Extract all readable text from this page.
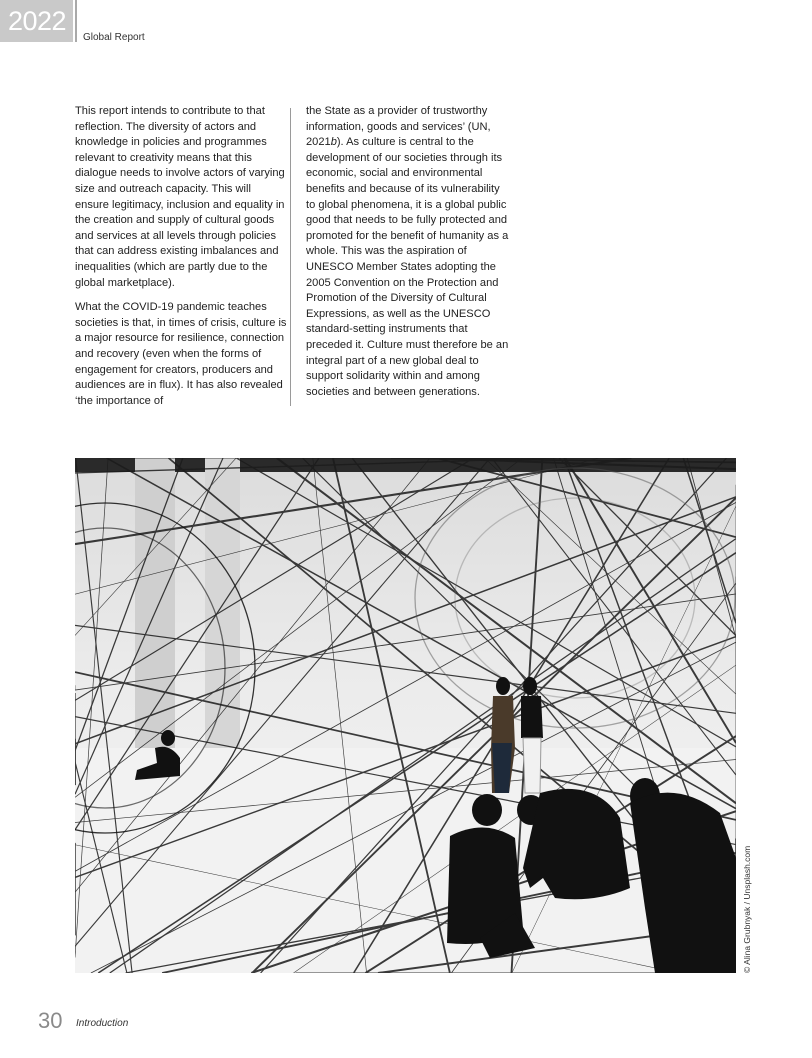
2022
Global Report

This report intends to contribute to that reflection. The diversity of actors and knowledge in policies and programmes relevant to creativity means that this dialogue needs to involve actors of varying size and outreach capacity. This will ensure legitimacy, inclusion and equality in the creation and supply of cultural goods and services at all levels through policies that can address existing imbalances and inequalities (which are partly due to the global marketplace).

What the COVID-19 pandemic teaches societies is that, in times of crisis, culture is a major resource for resilience, connection and recovery (even when the forms of engagement for creators, producers and audiences are in flux). It has also revealed ‘the importance of

the State as a provider of trustworthy information, goods and services’ (UN, 2021b). As culture is central to the development of our societies through its economic, social and environmental benefits and because of its vulnerability to global phenomena, it is a global public good that needs to be fully protected and promoted for the benefit of humanity as a whole. This was the aspiration of UNESCO Member States adopting the 2005 Convention on the Protection and Promotion of the Diversity of Cultural Expressions, as well as the UNESCO standard-setting instruments that preceded it. Culture must therefore be an integral part of a new global deal to support solidarity within and among societies and between generations.

© Alina Grubnyak / Unsplash.com
30 Introduction
